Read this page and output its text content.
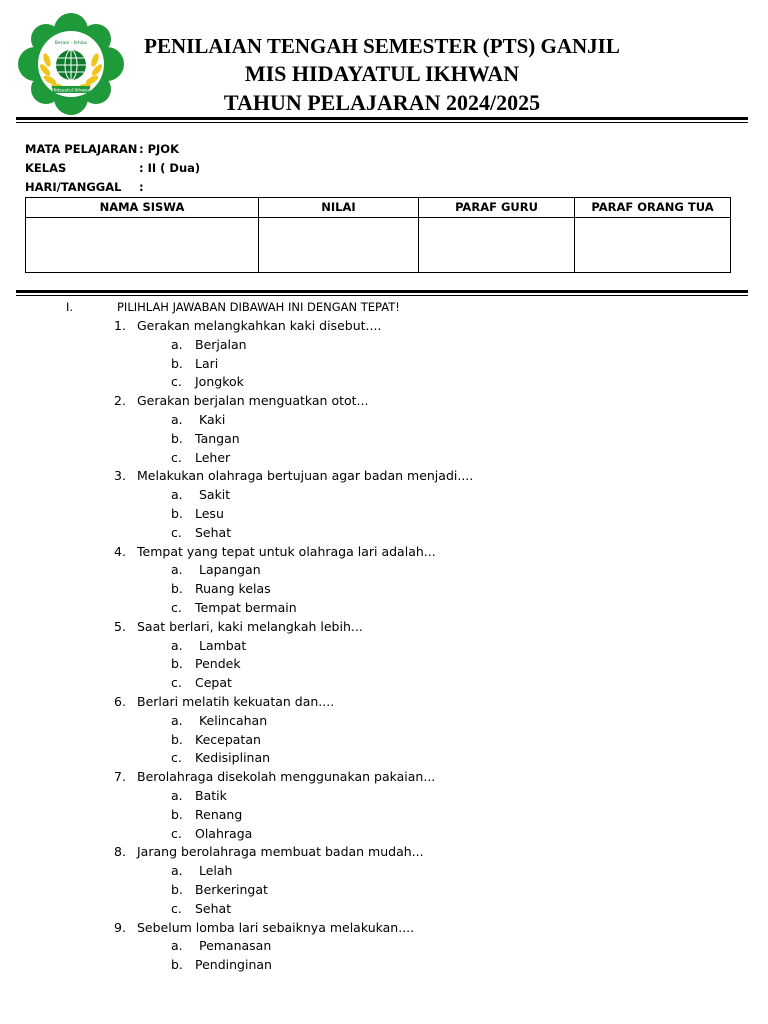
Hidayatul Ikhwan
Berani - Ikhlas	PENILAIAN TENGAH SEMESTER (PTS) GANJIL
MIS HIDAYATUL IKHWAN
TAHUN PELAJARAN 2024/2025
MATA PELAJARAN : PJOK
KELAS	: II ( Dua)
HARI/TANGGAL :
NAMA SISWA	NILAI	PARAF GURU	PARAF ORANG TUA

I.	PILIHLAH JAWABAN DIBAWAH INI DENGAN TEPAT!
1. Gerakan melangkahkan kaki disebut....
a. Berjalan
b. Lari
c. Jongkok
2. Gerakan berjalan menguatkan otot...
a. Kaki
b. Tangan
c. Leher
3. Melakukan olahraga bertujuan agar badan menjadi....
a. Sakit
b. Lesu
c. Sehat
4. Tempat yang tepat untuk olahraga lari adalah...
a. Lapangan
b. Ruang kelas
c. Tempat bermain
5. Saat berlari, kaki melangkah lebih...
a. Lambat
b. Pendek
c. Cepat
6. Berlari melatih kekuatan dan....
a. Kelincahan
b. Kecepatan
c. Kedisiplinan
7. Berolahraga disekolah menggunakan pakaian...
a. Batik
b. Renang
c. Olahraga
8. Jarang berolahraga membuat badan mudah...
a. Lelah
b. Berkeringat
c. Sehat
9. Sebelum lomba lari sebaiknya melakukan....
a. Pemanasan
b. Pendinginan
